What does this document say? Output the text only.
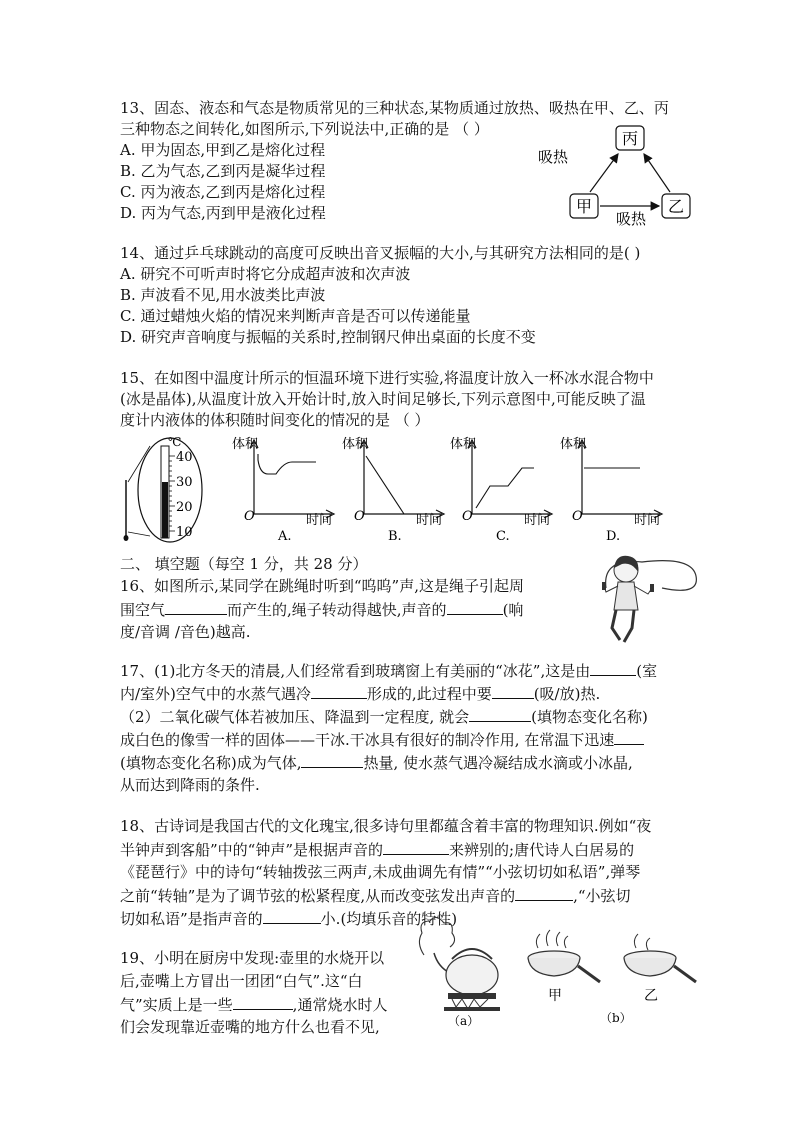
13、固态、液态和气态是物质常见的三种状态,某物质通过放热、吸热在甲、乙、丙
三种物态之间转化,如图所示,下列说法中,正确的是 （ ）
A. 甲为固态,甲到乙是熔化过程
B. 乙为气态,乙到丙是凝华过程
C. 丙为液态,乙到丙是熔化过程
D. 丙为气态,丙到甲是液化过程
丙
甲	乙
吸热
吸热
14、通过乒乓球跳动的高度可反映出音叉振幅的大小,与其研究方法相同的是( )
A. 研究不可听声时将它分成超声波和次声波
B. 声波看不见,用水波类比声波
C. 通过蜡烛火焰的情况来判断声音是否可以传递能量
D. 研究声音响度与振幅的关系时,控制钢尺伸出桌面的长度不变
15、在如图中温度计所示的恒温环境下进行实验,将温度计放入一杯冰水混合物中
(冰是晶体),从温度计放入开始计时,放入时间足够长,下列示意图中,可能反映了温
度计内液体的体积随时间变化的情况的是 （ ）
℃
40
30
20
10
体积
O	时间
A.
体积
O	时间
B.
体积
O	时间
C.
体积
O	时间
D.
二、 填空题（每空 1 分，共 28 分）
16、如图所示,某同学在跳绳时听到“呜呜”声,这是绳子引起周
围空气	而产生的,绳子转动得越快,声音的	(响
度/音调 /音色)越高.
17、(1)北方冬天的清晨,人们经常看到玻璃窗上有美丽的“冰花”,这是由	(室
内/室外)空气中的水蒸气遇冷	形成的,此过程中要	(吸/放)热.
（2）二氧化碳气体若被加压、降温到一定程度, 就会	(填物态变化名称)
成白色的像雪一样的固体——干冰.干冰具有很好的制冷作用, 在常温下迅速
(填物态变化名称)成为气体,	热量, 使水蒸气遇冷凝结成水滴或小冰晶,
从而达到降雨的条件.
18、古诗词是我国古代的文化瑰宝,很多诗句里都蕴含着丰富的物理知识.例如“夜
半钟声到客船”中的“钟声”是根据声音的	来辨别的;唐代诗人白居易的
《琵琶行》中的诗句“转轴拨弦三两声,未成曲调先有情”“小弦切切如私语”,弹琴
之前“转轴”是为了调节弦的松紧程度,从而改变弦发出声音的	,“小弦切
切如私语”是指声音的	小.(均填乐音的特性)
19、小明在厨房中发现:壶里的水烧开以
后,壶嘴上方冒出一团团“白气”.这“白
气”实质上是一些	,通常烧水时人
们会发现靠近壶嘴的地方什么也看不见,	（a）
甲	乙
（b）
